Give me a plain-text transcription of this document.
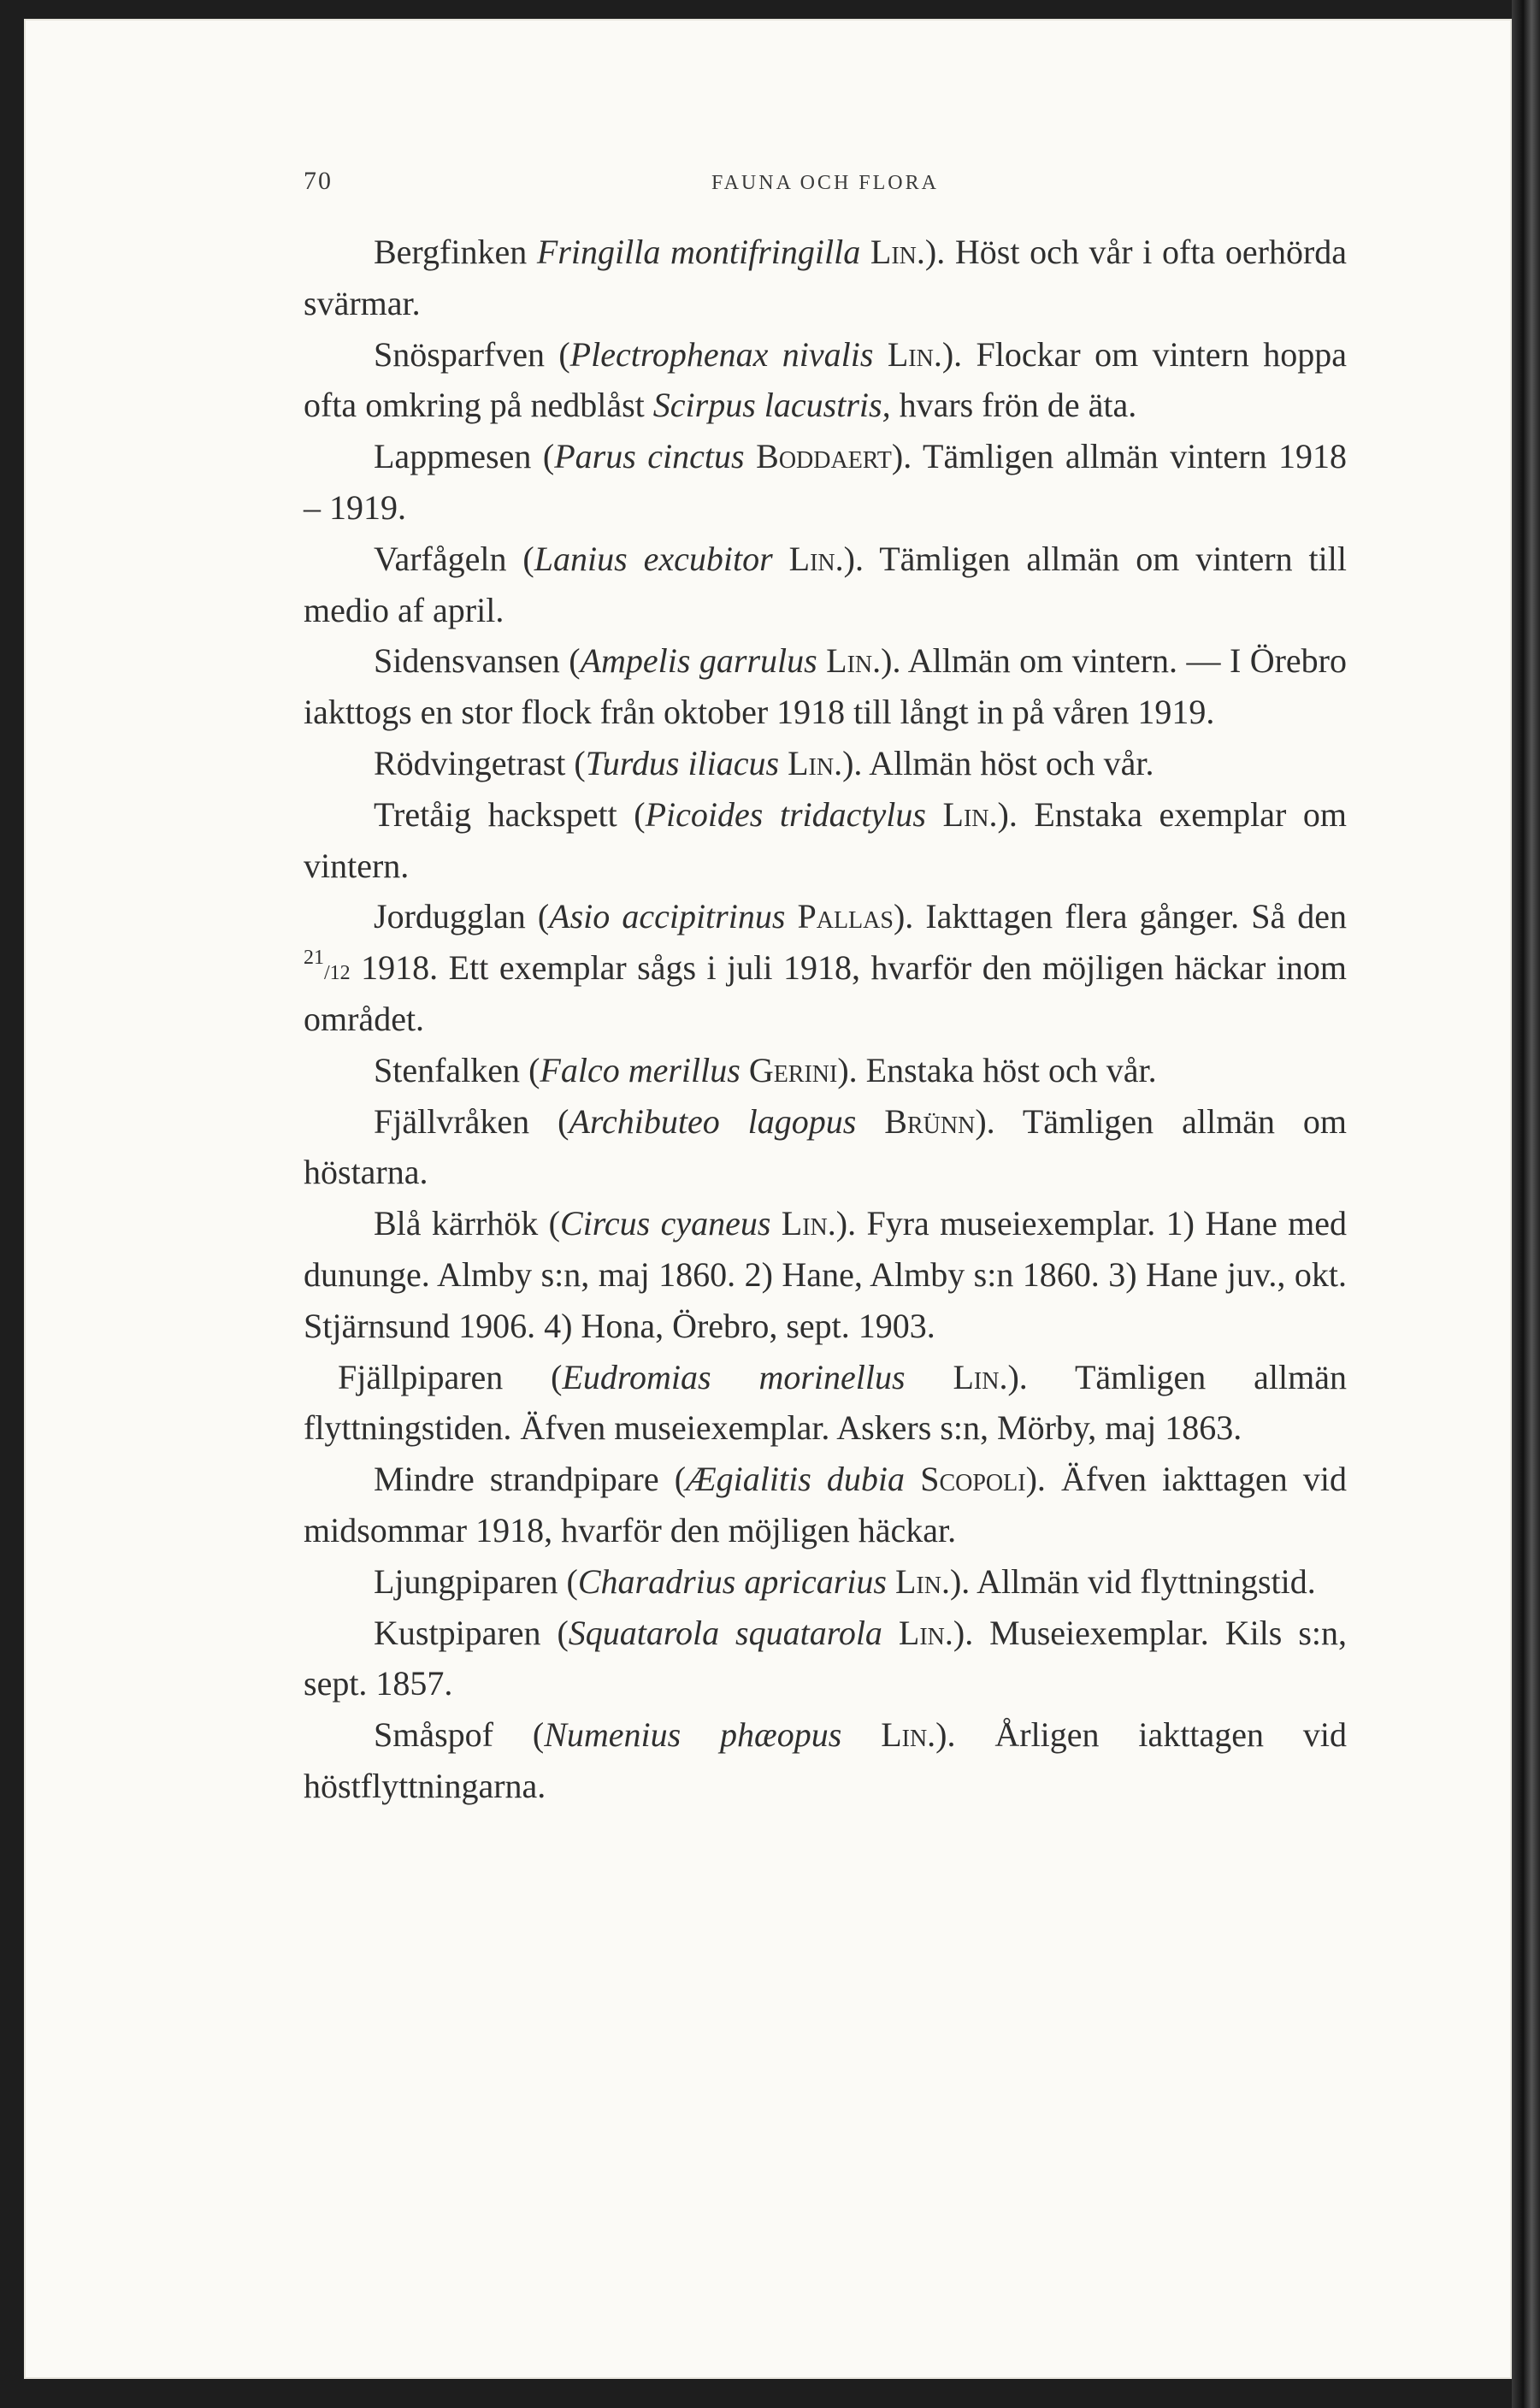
70	FAUNA OCH FLORA

Bergfinken Fringilla montifringilla Lin.). Höst och vår i ofta oerhörda svärmar.

Snösparfven (Plectrophenax nivalis Lin.). Flockar om vintern hoppa ofta omkring på nedblåst Scirpus lacustris, hvars frön de äta.

Lappmesen (Parus cinctus Boddaert). Tämligen allmän vintern 1918 – 1919.

Varfågeln (Lanius excubitor Lin.). Tämligen allmän om vintern till medio af april.

Sidensvansen (Ampelis garrulus Lin.). Allmän om vintern. — I Örebro iakttogs en stor flock från oktober 1918 till långt in på våren 1919.

Rödvingetrast (Turdus iliacus Lin.). Allmän höst och vår.

Tretåig hackspett (Picoides tridactylus Lin.). Enstaka exemplar om vintern.

Jordugglan (Asio accipitrinus Pallas). Iakttagen flera gånger. Så den $^{21}$/12 1918. Ett exemplar sågs i juli 1918, hvarför den möjligen häckar inom området.

Stenfalken (Falco merillus Gerini). Enstaka höst och vår.

Fjällvråken (Archibuteo lagopus Brünn). Tämligen allmän om höstarna.

Blå kärrhök (Circus cyaneus Lin.). Fyra museiexemplar. 1) Hane med dununge. Almby s:n, maj 1860. 2) Hane, Almby s:n 1860. 3) Hane juv., okt. Stjärnsund 1906. 4) Hona, Örebro, sept. 1903.

Fjällpiparen (Eudromias morinellus Lin.). Tämligen allmän flyttningstiden. Äfven museiexemplar. Askers s:n, Mörby, maj 1863.

Mindre strandpipare (Ægialitis dubia Scopoli). Äfven iakttagen vid midsommar 1918, hvarför den möjligen häckar.

Ljungpiparen (Charadrius apricarius Lin.). Allmän vid flyttningstid.

Kustpiparen (Squatarola squatarola Lin.). Museiexemplar. Kils s:n, sept. 1857.

Småspof (Numenius phæopus Lin.). Årligen iakttagen vid höstflyttningarna.
